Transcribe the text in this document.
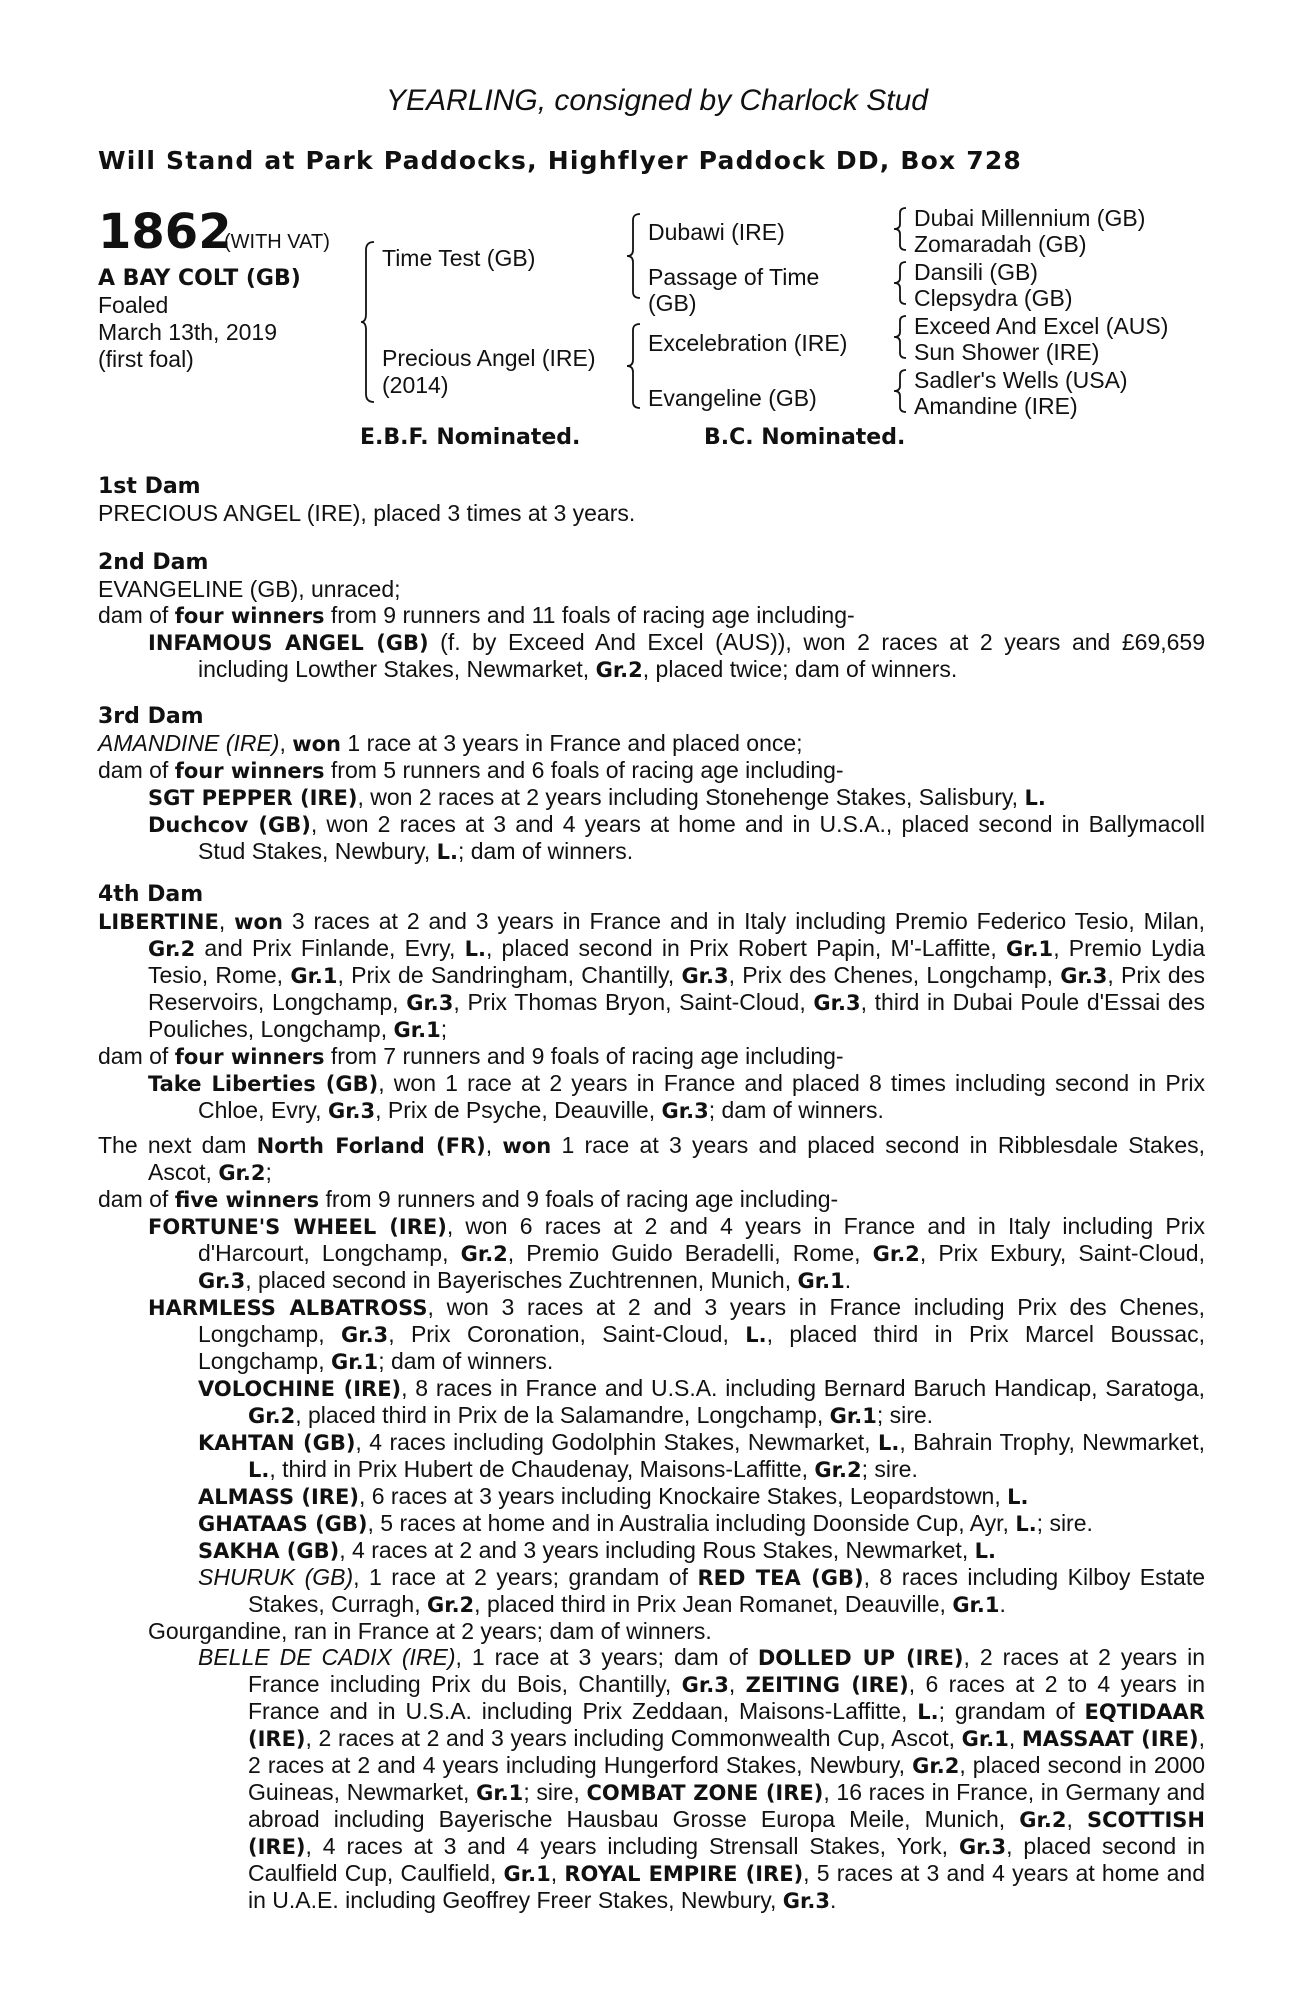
YEARLING, consigned by Charlock Stud
Will Stand at Park Paddocks, Highflyer Paddock DD, Box 728
1862
(WITH VAT)
A BAY COLT (GB)
Foaled
March 13th, 2019
(first foal)
Time Test (GB)
Precious Angel (IRE)
(2014)
Dubawi (IRE)
Passage of Time
(GB)
Excelebration (IRE)
Evangeline (GB)
Dubai Millennium (GB)
Zomaradah (GB)
Dansili (GB)
Clepsydra (GB)
Exceed And Excel (AUS)
Sun Shower (IRE)
Sadler's Wells (USA)
Amandine (IRE)
E.B.F. Nominated.	B.C. Nominated.
1st Dam

PRECIOUS ANGEL (IRE), placed 3 times at 3 years.

2nd Dam

EVANGELINE (GB), unraced;

dam of four winners from 9 runners and 11 foals of racing age including-

INFAMOUS ANGEL (GB) (f. by Exceed And Excel (AUS)), won 2 races at 2 years and £69,659 including Lowther Stakes, Newmarket, Gr.2, placed twice; dam of winners.

3rd Dam

AMANDINE (IRE), won 1 race at 3 years in France and placed once;

dam of four winners from 5 runners and 6 foals of racing age including-

SGT PEPPER (IRE), won 2 races at 2 years including Stonehenge Stakes, Salisbury, L.

Duchcov (GB), won 2 races at 3 and 4 years at home and in U.S.A., placed second in Ballymacoll Stud Stakes, Newbury, L.; dam of winners.

4th Dam

LIBERTINE, won 3 races at 2 and 3 years in France and in Italy including Premio Federico Tesio, Milan, Gr.2 and Prix Finlande, Evry, L., placed second in Prix Robert Papin, M'-Laffitte, Gr.1, Premio Lydia Tesio, Rome, Gr.1, Prix de Sandringham, Chantilly, Gr.3, Prix des Chenes, Longchamp, Gr.3, Prix des Reservoirs, Longchamp, Gr.3, Prix Thomas Bryon, Saint-Cloud, Gr.3, third in Dubai Poule d'Essai des Pouliches, Longchamp, Gr.1;

dam of four winners from 7 runners and 9 foals of racing age including-

Take Liberties (GB), won 1 race at 2 years in France and placed 8 times including second in Prix Chloe, Evry, Gr.3, Prix de Psyche, Deauville, Gr.3; dam of winners.

The next dam North Forland (FR), won 1 race at 3 years and placed second in Ribblesdale Stakes, Ascot, Gr.2;

dam of five winners from 9 runners and 9 foals of racing age including-

FORTUNE'S WHEEL (IRE), won 6 races at 2 and 4 years in France and in Italy including Prix d'Harcourt, Longchamp, Gr.2, Premio Guido Beradelli, Rome, Gr.2, Prix Exbury, Saint-Cloud, Gr.3, placed second in Bayerisches Zuchtrennen, Munich, Gr.1.

HARMLESS ALBATROSS, won 3 races at 2 and 3 years in France including Prix des Chenes, Longchamp, Gr.3, Prix Coronation, Saint-Cloud, L., placed third in Prix Marcel Boussac, Longchamp, Gr.1; dam of winners.

VOLOCHINE (IRE), 8 races in France and U.S.A. including Bernard Baruch Handicap, Saratoga, Gr.2, placed third in Prix de la Salamandre, Longchamp, Gr.1; sire.

KAHTAN (GB), 4 races including Godolphin Stakes, Newmarket, L., Bahrain Trophy, Newmarket, L., third in Prix Hubert de Chaudenay, Maisons-Laffitte, Gr.2; sire.

ALMASS (IRE), 6 races at 3 years including Knockaire Stakes, Leopardstown, L.

GHATAAS (GB), 5 races at home and in Australia including Doonside Cup, Ayr, L.; sire.

SAKHA (GB), 4 races at 2 and 3 years including Rous Stakes, Newmarket, L.

SHURUK (GB), 1 race at 2 years; grandam of RED TEA (GB), 8 races including Kilboy Estate Stakes, Curragh, Gr.2, placed third in Prix Jean Romanet, Deauville, Gr.1.

Gourgandine, ran in France at 2 years; dam of winners.

BELLE DE CADIX (IRE), 1 race at 3 years; dam of DOLLED UP (IRE), 2 races at 2 years in France including Prix du Bois, Chantilly, Gr.3, ZEITING (IRE), 6 races at 2 to 4 years in France and in U.S.A. including Prix Zeddaan, Maisons-Laffitte, L.; grandam of EQTIDAAR (IRE), 2 races at 2 and 3 years including Commonwealth Cup, Ascot, Gr.1, MASSAAT (IRE), 2 races at 2 and 4 years including Hungerford Stakes, Newbury, Gr.2, placed second in 2000 Guineas, Newmarket, Gr.1; sire, COMBAT ZONE (IRE), 16 races in France, in Germany and abroad including Bayerische Hausbau Grosse Europa Meile, Munich, Gr.2, SCOTTISH (IRE), 4 races at 3 and 4 years including Strensall Stakes, York, Gr.3, placed second in Caulfield Cup, Caulfield, Gr.1, ROYAL EMPIRE (IRE), 5 races at 3 and 4 years at home and in U.A.E. including Geoffrey Freer Stakes, Newbury, Gr.3.
